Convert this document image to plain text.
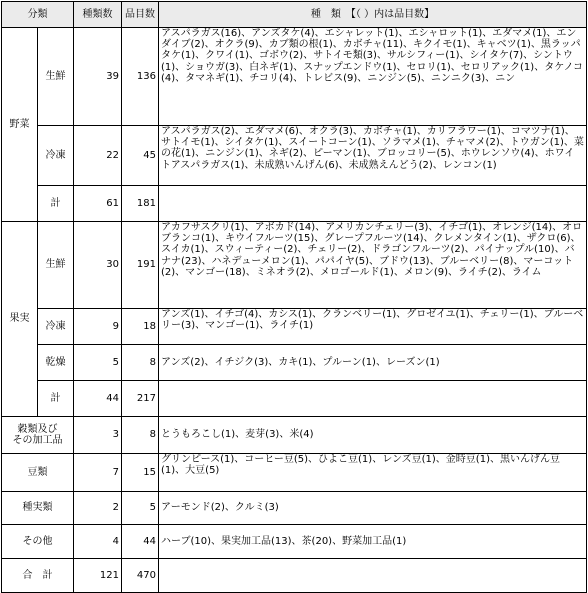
分類		種類数	品目数	種　類　【（ ）内は品目数】
野菜	生鮮	39	136	アスパラガス(16)、アンズタケ(4)、エシャレット(1)、エシャロット(1)、エダマメ(1)、エンダイブ(2)、オクラ(9)、カブ類の根(1)、カボチャ(11)、キクイモ(1)、キャベツ(1)、黒ラッパタケ(1)、クワイ(1)、ゴボウ(2)、サトイモ類(3)、サルシフィー(1)、シイタケ(7)、シントウ(1)、ショウガ(3)、白ネギ(1)、スナップエンドウ(1)、セロリ(1)、セロリアック(1)、タケノコ(4)、タマネギ(1)、チコリ(4)、トレビス(9)、ニンジン(5)、ニンニク(3)、ニン
	冷凍	22	45	アスパラガス(2)、エダマメ(6)、オクラ(3)、カボチャ(1)、カリフラワー(1)、コマツナ(1)、サトイモ(1)、シイタケ(1)、スイートコーン(1)、ソラマメ(1)、チャマメ(2)、トウガン(1)、菜の花(1)、ニンジン(1)、ネギ(2)、ピーマン(1)、ブロッコリー(5)、ホウレンソウ(4)、ホワイトアスパラガス(1)、未成熟いんげん(6)、未成熟えんどう(2)、レンコン(1)
	計	61	181	
果実	生鮮	30	191	アカフサスクリ(1)、アボカド(14)、アメリカンチェリー(3)、イチゴ(1)、オレンジ(14)、オロブランコ(1)、キウイフルーツ(15)、グレープフルーツ(14)、クレメンタイン(1)、ザクロ(6)、スイカ(1)、スウィーティー(2)、チェリー(2)、ドラゴンフルーツ(2)、パイナップル(10)、バナナ(23)、ハネデューメロン(1)、パパイヤ(5)、ブドウ(13)、ブルーベリー(8)、マーコット(2)、マンゴー(18)、ミネオラ(2)、メロゴールド(1)、メロン(9)、ライチ(2)、ライム
	冷凍	9	18	アンズ(1)、イチゴ(4)、カシス(1)、クランベリー(1)、グロゼイユ(1)、チェリー(1)、ブルーベリー(3)、マンゴー(1)、ライチ(1)
	乾燥	5	8	アンズ(2)、イチジク(3)、カキ(1)、プルーン(1)、レーズン(1)
	計	44	217	
穀類及び
その加工品		3	8	とうもろこし(1)、麦芽(3)、米(4)
豆類		7	15	グリンピース(1)、コーヒー豆(5)、ひよこ豆(1)、レンズ豆(1)、金時豆(1)、黒いんげん豆(1)、大豆(5)
種実類		2	5	アーモンド(2)、クルミ(3)
その他		4	44	ハーブ(10)、果実加工品(13)、茶(20)、野菜加工品(1)
合　計		121	470	
